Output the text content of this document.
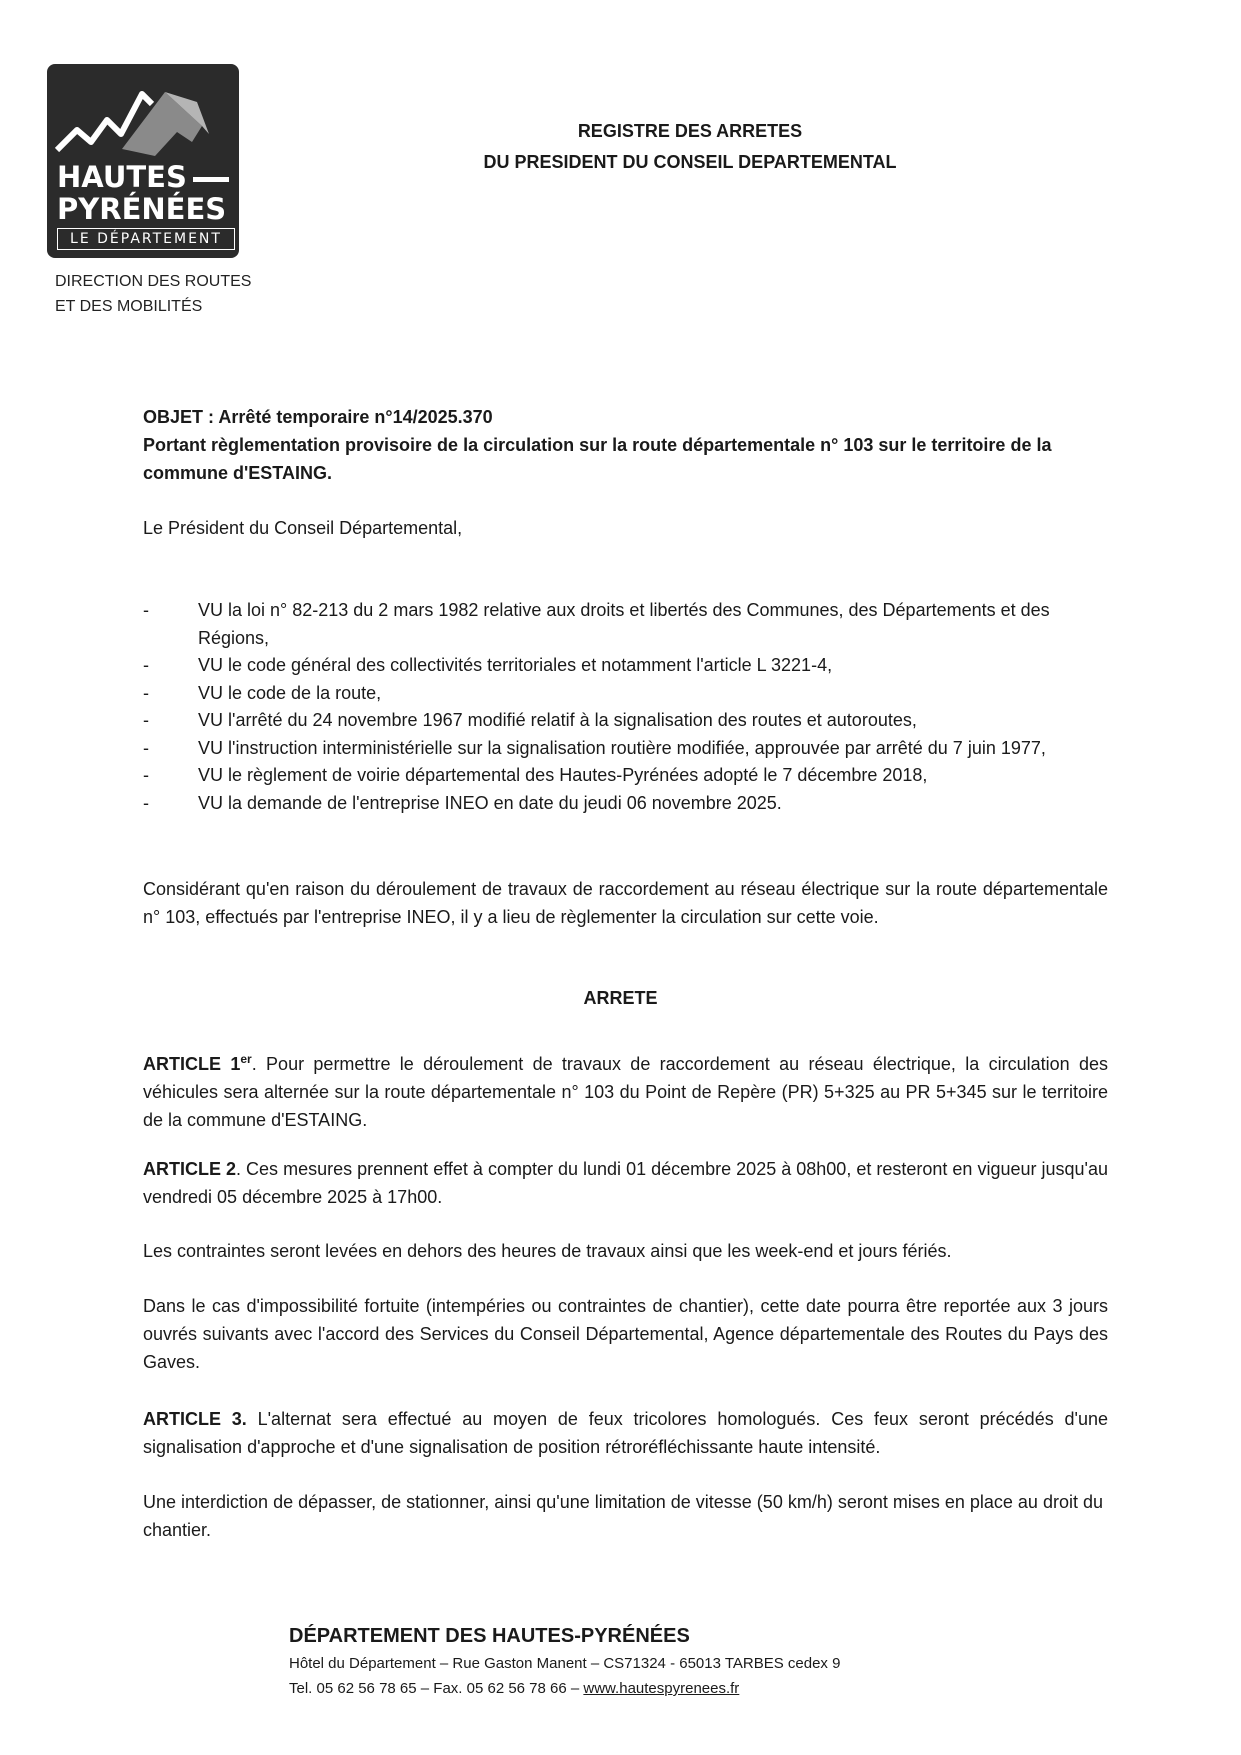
HAUTES
PYRÉNÉES
LE DÉPARTEMENT
DIRECTION DES ROUTES
ET DES MOBILITÉS
REGISTRE DES ARRETES
DU PRESIDENT DU CONSEIL DEPARTEMENTAL
OBJET : Arrêté temporaire n°14/2025.370
Portant règlementation provisoire de la circulation sur la route départementale n° 103 sur le territoire de la commune d'ESTAING.
Le Président du Conseil Départemental,
-	VU la loi n° 82-213 du 2 mars 1982 relative aux droits et libertés des Communes, des Départements et des Régions,
-	VU le code général des collectivités territoriales et notamment l'article L 3221-4,
-	VU le code de la route,
-	VU l'arrêté du 24 novembre 1967 modifié relatif à la signalisation des routes et autoroutes,
-	VU l'instruction interministérielle sur la signalisation routière modifiée, approuvée par arrêté du 7 juin 1977,
-	VU le règlement de voirie départemental des Hautes-Pyrénées adopté le 7 décembre 2018,
-	VU la demande de l'entreprise INEO en date du jeudi 06 novembre 2025.
Considérant qu'en raison du déroulement de travaux de raccordement au réseau électrique sur la route départementale n° 103, effectués par l'entreprise INEO, il y a lieu de règlementer la circulation sur cette voie.
ARRETE
ARTICLE 1er. Pour permettre le déroulement de travaux de raccordement au réseau électrique, la circulation des véhicules sera alternée sur la route départementale n° 103 du Point de Repère (PR) 5+325 au PR 5+345 sur le territoire de la commune d'ESTAING.
ARTICLE 2. Ces mesures prennent effet à compter du lundi 01 décembre 2025 à 08h00, et resteront en vigueur jusqu'au vendredi 05 décembre 2025 à 17h00.
Les contraintes seront levées en dehors des heures de travaux ainsi que les week-end et jours fériés.
Dans le cas d'impossibilité fortuite (intempéries ou contraintes de chantier), cette date pourra être reportée aux 3 jours ouvrés suivants avec l'accord des Services du Conseil Départemental, Agence départementale des Routes du Pays des Gaves.
ARTICLE 3. L'alternat sera effectué au moyen de feux tricolores homologués. Ces feux seront précédés d'une signalisation d'approche et d'une signalisation de position rétroréfléchissante haute intensité.
Une interdiction de dépasser, de stationner, ainsi qu'une limitation de vitesse (50 km/h) seront mises en place au droit du chantier.
DÉPARTEMENT DES HAUTES-PYRÉNÉES
Hôtel du Département – Rue Gaston Manent – CS71324 - 65013 TARBES cedex 9
Tel. 05 62 56 78 65 – Fax. 05 62 56 78 66 – www.hautespyrenees.fr
